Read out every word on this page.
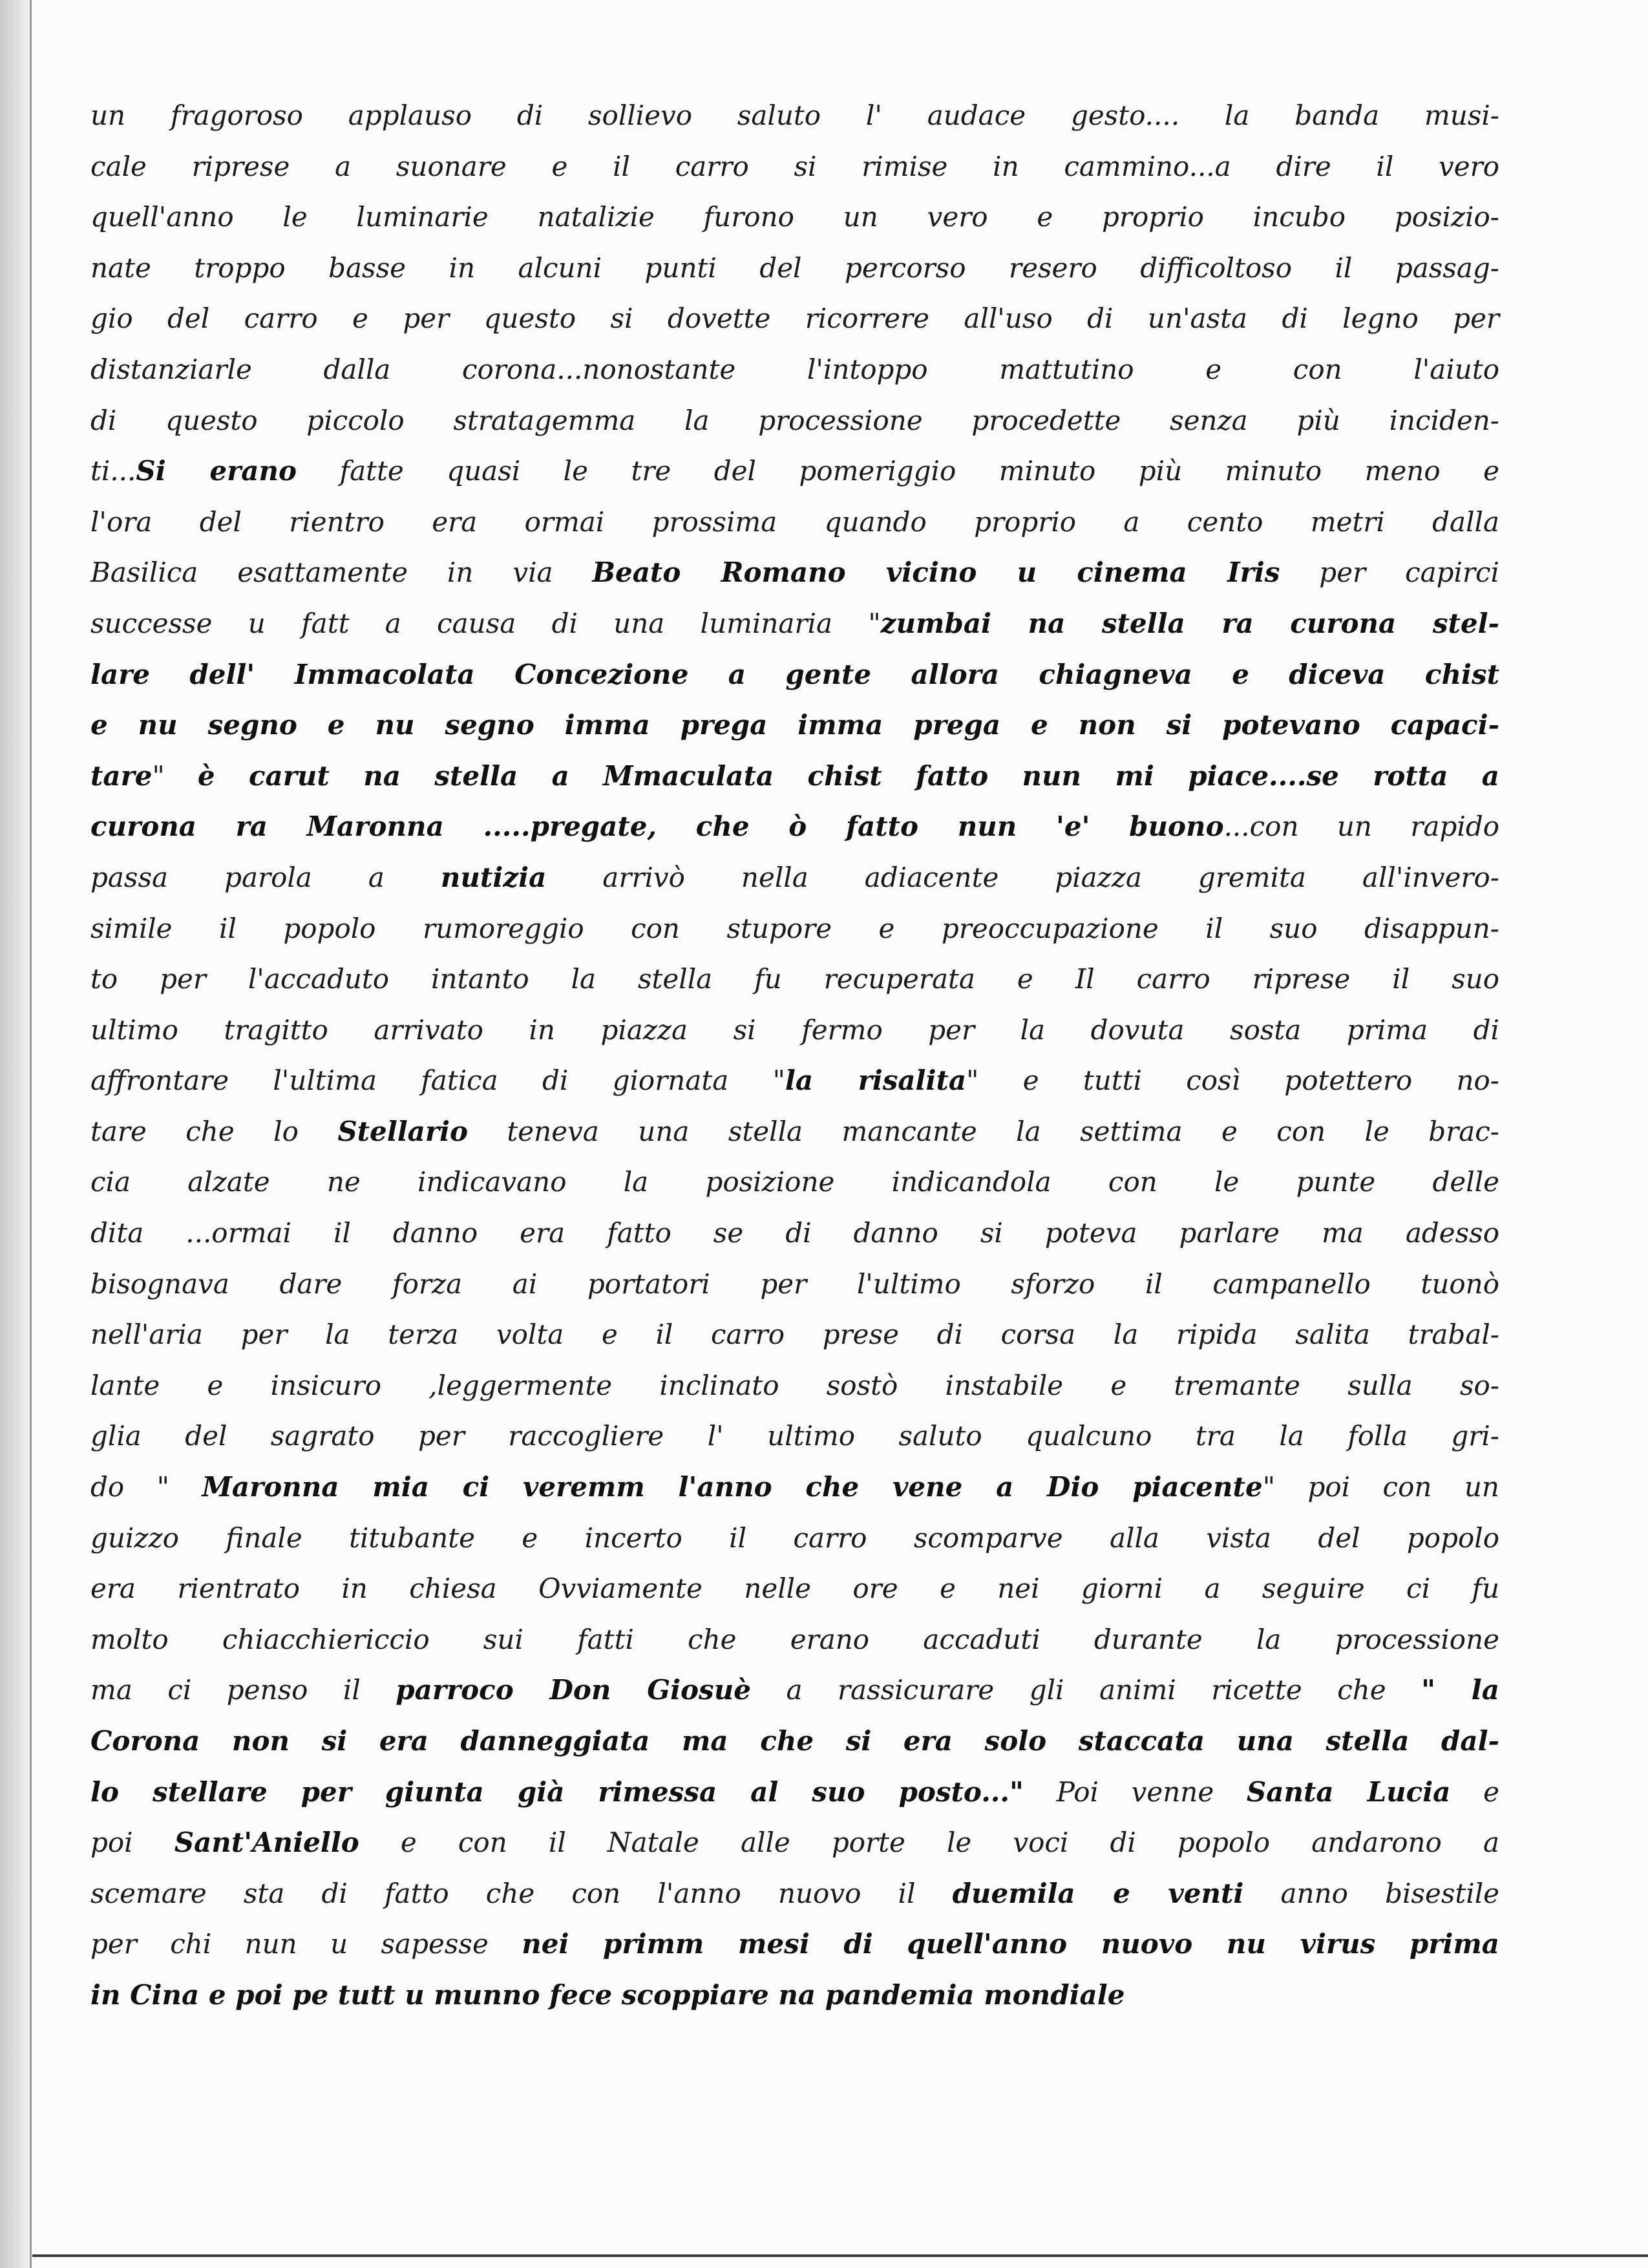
un fragoroso applauso di sollievo saluto l' audace gesto.... la banda musi-
cale riprese a suonare e il carro si rimise in cammino...a dire il vero
quell'anno le luminarie natalizie furono un vero e proprio incubo posizio-
nate troppo basse in alcuni punti del percorso resero difficoltoso il passag-
gio del carro e per questo si dovette ricorrere all'uso di un'asta di legno per
distanziarle dalla corona...nonostante l'intoppo mattutino e con l'aiuto
di questo piccolo stratagemma la processione procedette senza più inciden-
ti...Si erano fatte quasi le tre del pomeriggio minuto più minuto meno e
l'ora del rientro era ormai prossima quando proprio a cento metri dalla
Basilica esattamente in via Beato Romano vicino u cinema Iris per capirci
successe u fatt a causa di una luminaria "zumbai na stella ra curona stel-
lare dell' Immacolata Concezione a gente allora chiagneva e diceva chist
e nu segno e nu segno imma prega imma prega e non si potevano capaci-
tare" è carut na stella a Mmaculata chist fatto nun mi piace....se rotta a
curona ra Maronna .....pregate, che ò fatto nun 'e' buono...con un rapido
passa parola a nutizia arrivò nella adiacente piazza gremita all'invero-
simile il popolo rumoreggio con stupore e preoccupazione il suo disappun-
to per l'accaduto intanto la stella fu recuperata e Il carro riprese il suo
ultimo tragitto arrivato in piazza si fermo per la dovuta sosta prima di
affrontare l'ultima fatica di giornata "la risalita" e tutti così potettero no-
tare che lo Stellario teneva una stella mancante la settima e con le brac-
cia alzate ne indicavano la posizione indicandola con le punte delle
dita ...ormai il danno era fatto se di danno si poteva parlare ma adesso
bisognava dare forza ai portatori per l'ultimo sforzo il campanello tuonò
nell'aria per la terza volta e il carro prese di corsa la ripida salita trabal-
lante e insicuro ,leggermente inclinato sostò instabile e tremante sulla so-
glia del sagrato per raccogliere l' ultimo saluto qualcuno tra la folla gri-
do " Maronna mia ci veremm l'anno che vene a Dio piacente" poi con un
guizzo finale titubante e incerto il carro scomparve alla vista del popolo
era rientrato in chiesa Ovviamente nelle ore e nei giorni a seguire ci fu
molto chiacchiericcio sui fatti che erano accaduti durante la processione
ma ci penso il parroco Don Giosuè a rassicurare gli animi ricette che " la
Corona non si era danneggiata ma che si era solo staccata una stella dal-
lo stellare per giunta già rimessa al suo posto..." Poi venne Santa Lucia e
poi Sant'Aniello e con il Natale alle porte le voci di popolo andarono a
scemare sta di fatto che con l'anno nuovo il duemila e venti anno bisestile
per chi nun u sapesse nei primm mesi di quell'anno nuovo nu virus prima
in Cina e poi pe tutt u munno fece scoppiare na pandemia mondiale
